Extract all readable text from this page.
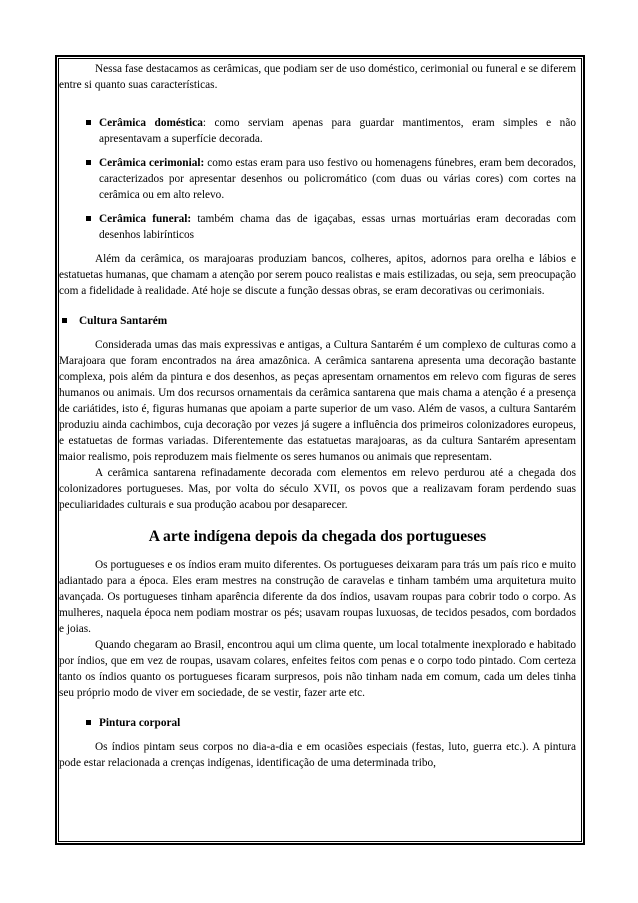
Nessa fase destacamos as cerâmicas, que podiam ser de uso doméstico, cerimonial ou funeral e se diferem entre si quanto suas características.

Cerâmica doméstica: como serviam apenas para guardar mantimentos, eram simples e não apresentavam a superfície decorada.
Cerâmica cerimonial: como estas eram para uso festivo ou homenagens fúnebres, eram bem decorados, caracterizados por apresentar desenhos ou policromático (com duas ou várias cores) com cortes na cerâmica ou em alto relevo.
Cerâmica funeral: também chama das de igaçabas, essas urnas mortuárias eram decoradas com desenhos labirínticos

Além da cerâmica, os marajoaras produziam bancos, colheres, apitos, adornos para orelha e lábios e estatuetas humanas, que chamam a atenção por serem pouco realistas e mais estilizadas, ou seja, sem preocupação com a fidelidade à realidade. Até hoje se discute a função dessas obras, se eram decorativas ou cerimoniais.

Cultura Santarém

Considerada umas das mais expressivas e antigas, a Cultura Santarém é um complexo de culturas como a Marajoara que foram encontrados na área amazônica. A cerâmica santarena apresenta uma decoração bastante complexa, pois além da pintura e dos desenhos, as peças apresentam ornamentos em relevo com figuras de seres humanos ou animais. Um dos recursos ornamentais da cerâmica santarena que mais chama a atenção é a presença de cariátides, isto é, figuras humanas que apoiam a parte superior de um vaso. Além de vasos, a cultura Santarém produziu ainda cachimbos, cuja decoração por vezes já sugere a influência dos primeiros colonizadores europeus, e estatuetas de formas variadas. Diferentemente das estatuetas marajoaras, as da cultura Santarém apresentam maior realismo, pois reproduzem mais fielmente os seres humanos ou animais que representam.

A cerâmica santarena refinadamente decorada com elementos em relevo perdurou até a chegada dos colonizadores portugueses. Mas, por volta do século XVII, os povos que a realizavam foram perdendo suas peculiaridades culturais e sua produção acabou por desaparecer.

A arte indígena depois da chegada dos portugueses

Os portugueses e os índios eram muito diferentes. Os portugueses deixaram para trás um país rico e muito adiantado para a época. Eles eram mestres na construção de caravelas e tinham também uma arquitetura muito avançada. Os portugueses tinham aparência diferente da dos índios, usavam roupas para cobrir todo o corpo. As mulheres, naquela época nem podiam mostrar os pés; usavam roupas luxuosas, de tecidos pesados, com bordados e joias.

Quando chegaram ao Brasil, encontrou aqui um clima quente, um local totalmente inexplorado e habitado por índios, que em vez de roupas, usavam colares, enfeites feitos com penas e o corpo todo pintado. Com certeza tanto os índios quanto os portugueses ficaram surpresos, pois não tinham nada em comum, cada um deles tinha seu próprio modo de viver em sociedade, de se vestir, fazer arte etc.

Pintura corporal

Os índios pintam seus corpos no dia-a-dia e em ocasiões especiais (festas, luto, guerra etc.). A pintura pode estar relacionada a crenças indígenas, identificação de uma determinada tribo,
